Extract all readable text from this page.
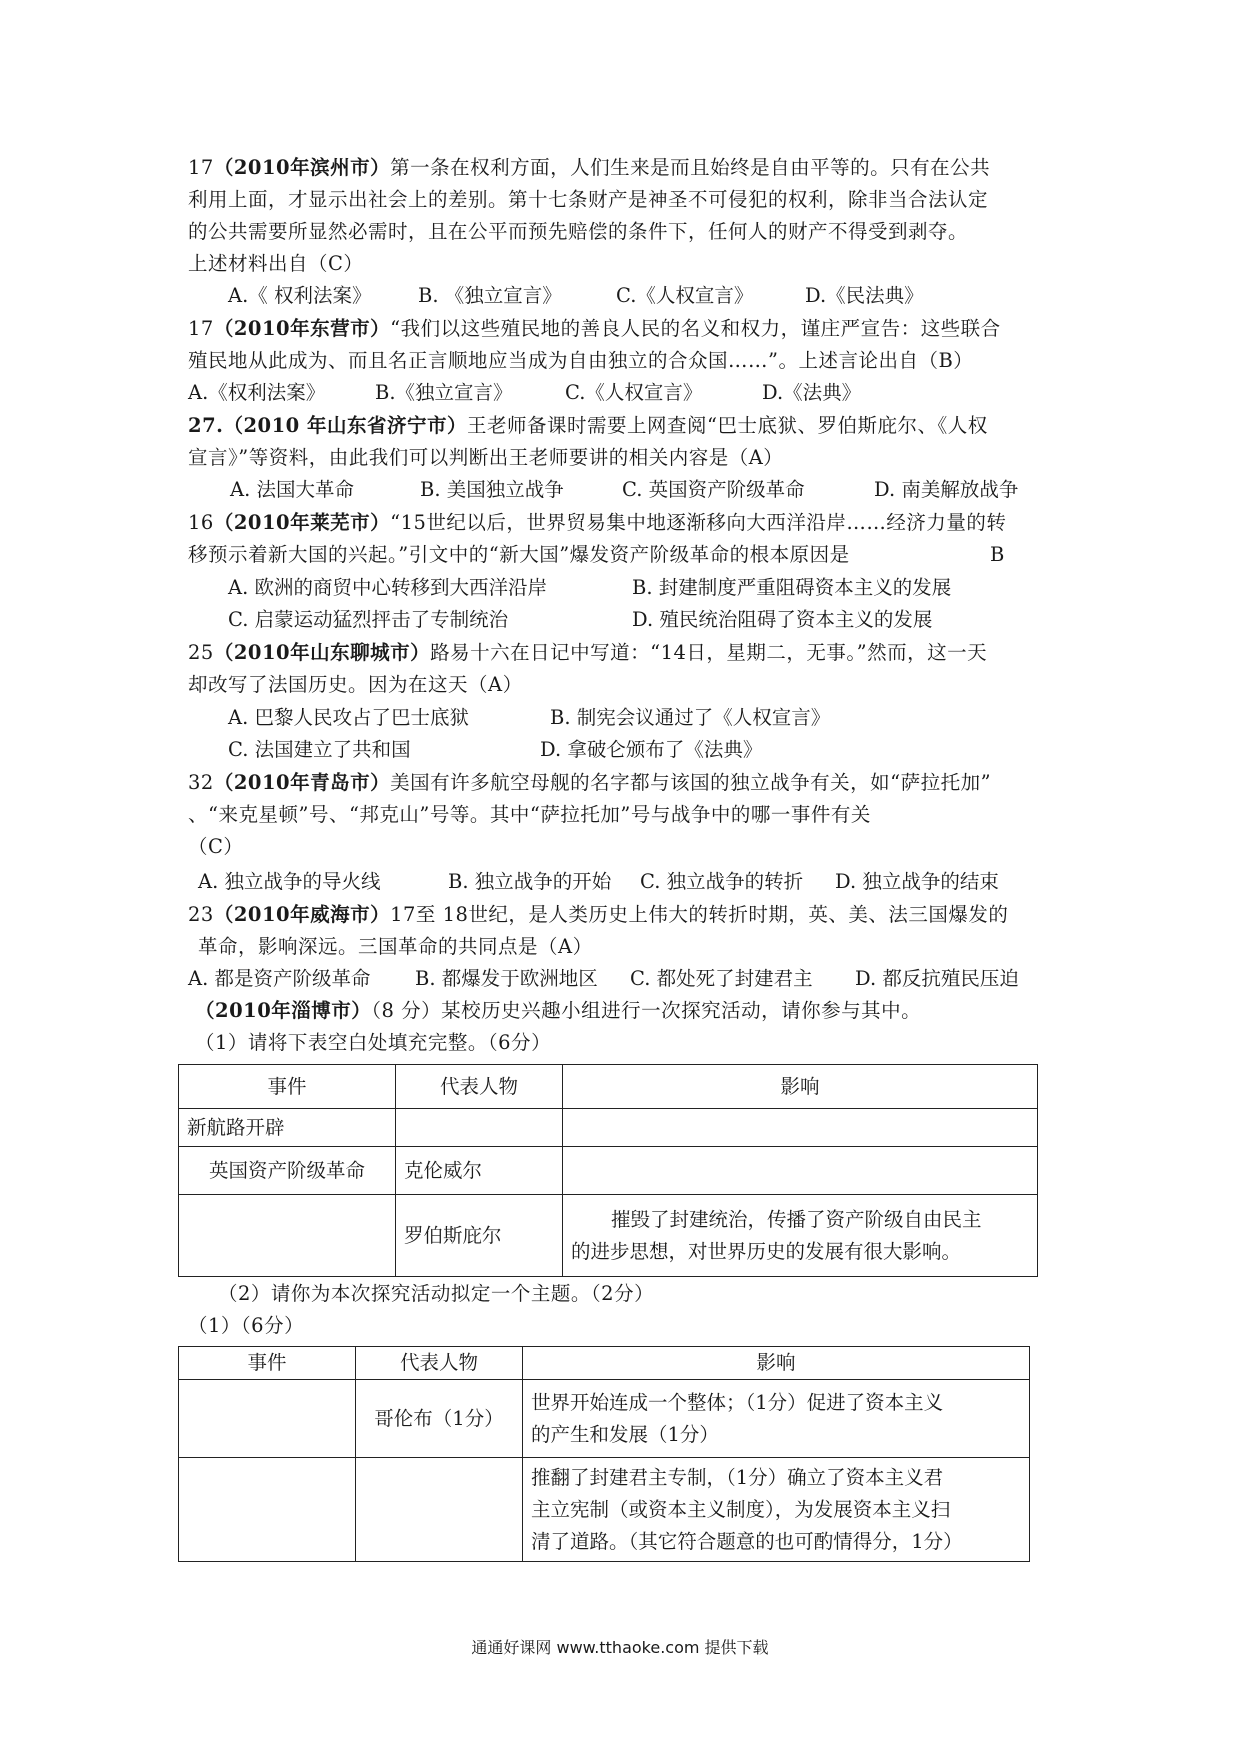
17（2010年滨州市）第一条在权利方面，人们生来是而且始终是自由平等的。只有在公共
利用上面，才显示出社会上的差别。第十七条财产是神圣不可侵犯的权利，除非当合法认定
的公共需要所显然必需时，且在公平而预先赔偿的条件下，任何人的财产不得受到剥夺。
上述材料出自（C）
A.《 权利法案》 B. 《独立宣言》	C.《人权宣言》	D.《民法典》
17（2010年东营市）“我们以这些殖民地的善良人民的名义和权力，谨庄严宣告：这些联合
殖民地从此成为、而且名正言顺地应当成为自由独立的合众国……”。上述言论出自（B）
A.《权利法案》	B.《独立宣言》	C.《人权宣言》	D.《法典》
27.（2010 年山东省济宁市）王老师备课时需要上网查阅“巴士底狱、罗伯斯庇尔、《人权
宣言》”等资料，由此我们可以判断出王老师要讲的相关内容是（A）
A. 法国大革命	B. 美国独立战争	C. 英国资产阶级革命	D. 南美解放战争
16（2010年莱芜市）“15世纪以后，世界贸易集中地逐渐移向大西洋沿岸……经济力量的转
移预示着新大国的兴起。”引文中的“新大国”爆发资产阶级革命的根本原因是	B
A. 欧洲的商贸中心转移到大西洋沿岸	B. 封建制度严重阻碍资本主义的发展
C. 启蒙运动猛烈抨击了专制统治	D. 殖民统治阻碍了资本主义的发展
25（2010年山东聊城市）路易十六在日记中写道：“14日，星期二，无事。”然而，这一天
却改写了法国历史。因为在这天（A）
A. 巴黎人民攻占了巴士底狱	B. 制宪会议通过了《人权宣言》
C. 法国建立了共和国	D. 拿破仑颁布了《法典》
32（2010年青岛市）美国有许多航空母舰的名字都与该国的独立战争有关，如“萨拉托加”
、“来克星顿”号、“邦克山”号等。其中“萨拉托加”号与战争中的哪一事件有关
（C）
A. 独立战争的导火线	B. 独立战争的开始 C. 独立战争的转折 D. 独立战争的结束
23（2010年威海市）17至 18世纪，是人类历史上伟大的转折时期，英、美、法三国爆发的
革命，影响深远。三国革命的共同点是（A）
A. 都是资产阶级革命 B. 都爆发于欧洲地区 C. 都处死了封建君主 D. 都反抗殖民压迫
（2010年淄博市）（8 分）某校历史兴趣小组进行一次探究活动，请你参与其中。
（1）请将下表空白处填充完整。（6分）
事件	代表人物	影响
新航路开辟		
英国资产阶级革命	克伦威尔	
	罗伯斯庇尔	摧毁了封建统治，传播了资产阶级自由民主
的进步思想，对世界历史的发展有很大影响。
（2）请你为本次探究活动拟定一个主题。（2分）
（1）（6分）
事件	代表人物	影响
	哥伦布（1分）	世界开始连成一个整体；（1分）促进了资本主义
的产生和发展（1分）

		推翻了封建君主专制，（1分）确立了资本主义君
主立宪制（或资本主义制度），为发展资本主义扫
清了道路。（其它符合题意的也可酌情得分，1分）
通通好课网 www.tthaoke.com 提供下载
